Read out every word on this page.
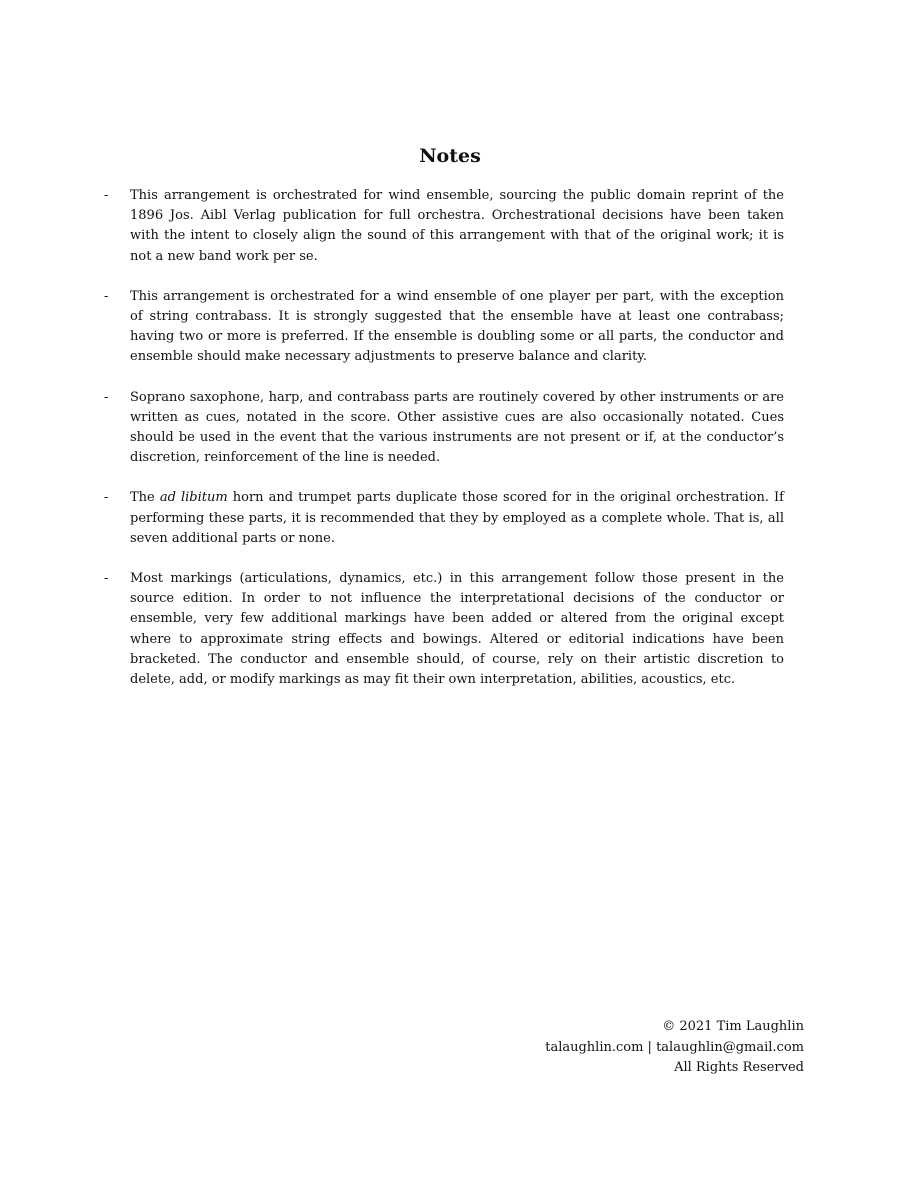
Notes
-	This arrangement is orchestrated for wind ensemble, sourcing the public domain reprint of the 1896 Jos. Aibl Verlag publication for full orchestra. Orchestrational decisions have been taken with the intent to closely align the sound of this arrangement with that of the original work; it is not a new band work per se.
-	This arrangement is orchestrated for a wind ensemble of one player per part, with the exception of string contrabass. It is strongly suggested that the ensemble have at least one contrabass; having two or more is preferred. If the ensemble is doubling some or all parts, the conductor and ensemble should make necessary adjustments to preserve balance and clarity.
-	Soprano saxophone, harp, and contrabass parts are routinely covered by other instruments or are written as cues, notated in the score. Other assistive cues are also occasionally notated. Cues should be used in the event that the various instruments are not present or if, at the conductor’s discretion, reinforcement of the line is needed.
-	The ad libitum horn and trumpet parts duplicate those scored for in the original orchestration. If performing these parts, it is recommended that they by employed as a complete whole. That is, all seven additional parts or none.
-	Most markings (articulations, dynamics, etc.) in this arrangement follow those present in the source edition. In order to not influence the interpretational decisions of the conductor or ensemble, very few additional markings have been added or altered from the original except where to approximate string effects and bowings. Altered or editorial indications have been bracketed. The conductor and ensemble should, of course, rely on their artistic discretion to delete, add, or modify markings as may fit their own interpretation, abilities, acoustics, etc.
© 2021 Tim Laughlin
talaughlin.com | talaughlin@gmail.com
All Rights Reserved
